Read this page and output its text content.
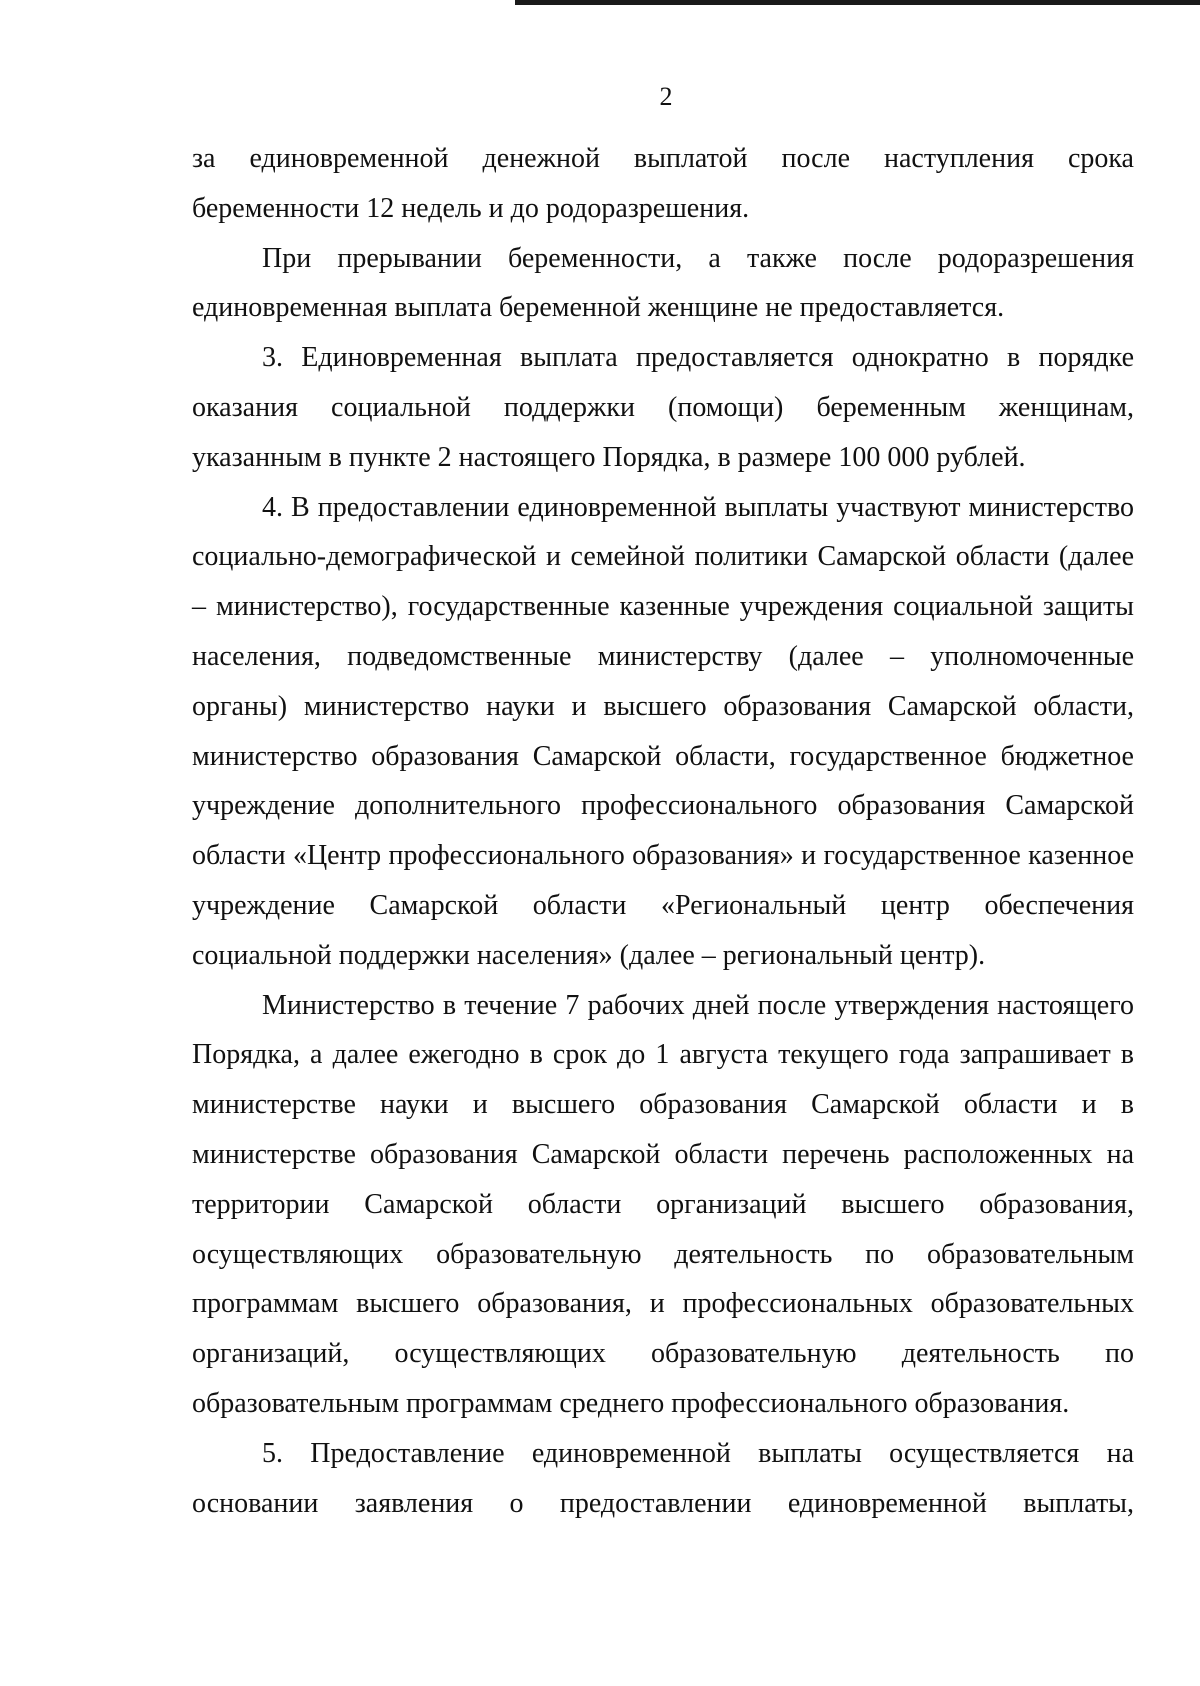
2

за единовременной денежной выплатой после наступления срока беременности 12 недель и до родоразрешения.

При прерывании беременности, а также после родоразрешения единовременная выплата беременной женщине не предоставляется.

3. Единовременная выплата предоставляется однократно в порядке оказания социальной поддержки (помощи) беременным женщинам, указанным в пункте 2 настоящего Порядка, в размере 100 000 рублей.

4. В предоставлении единовременной выплаты участвуют министерство социально-демографической и семейной политики Самарской области (далее – министерство), государственные казенные учреждения социальной защиты населения, подведомственные министерству (далее – уполномоченные органы) министерство науки и высшего образования Самарской области, министерство образования Самарской области, государственное бюджетное учреждение дополнительного профессионального образования Самарской области «Центр профессионального образования» и государственное казенное учреждение Самарской области «Региональный центр обеспечения социальной поддержки населения» (далее – региональный центр).

Министерство в течение 7 рабочих дней после утверждения настоящего Порядка, а далее ежегодно в срок до 1 августа текущего года запрашивает в министерстве науки и высшего образования Самарской области и в министерстве образования Самарской области перечень расположенных на территории Самарской области организаций высшего образования, осуществляющих образовательную деятельность по образовательным программам высшего образования, и профессиональных образовательных организаций, осуществляющих образовательную деятельность по образовательным программам среднего профессионального образования.

5. Предоставление единовременной выплаты осуществляется на основании заявления о предоставлении единовременной выплаты,
